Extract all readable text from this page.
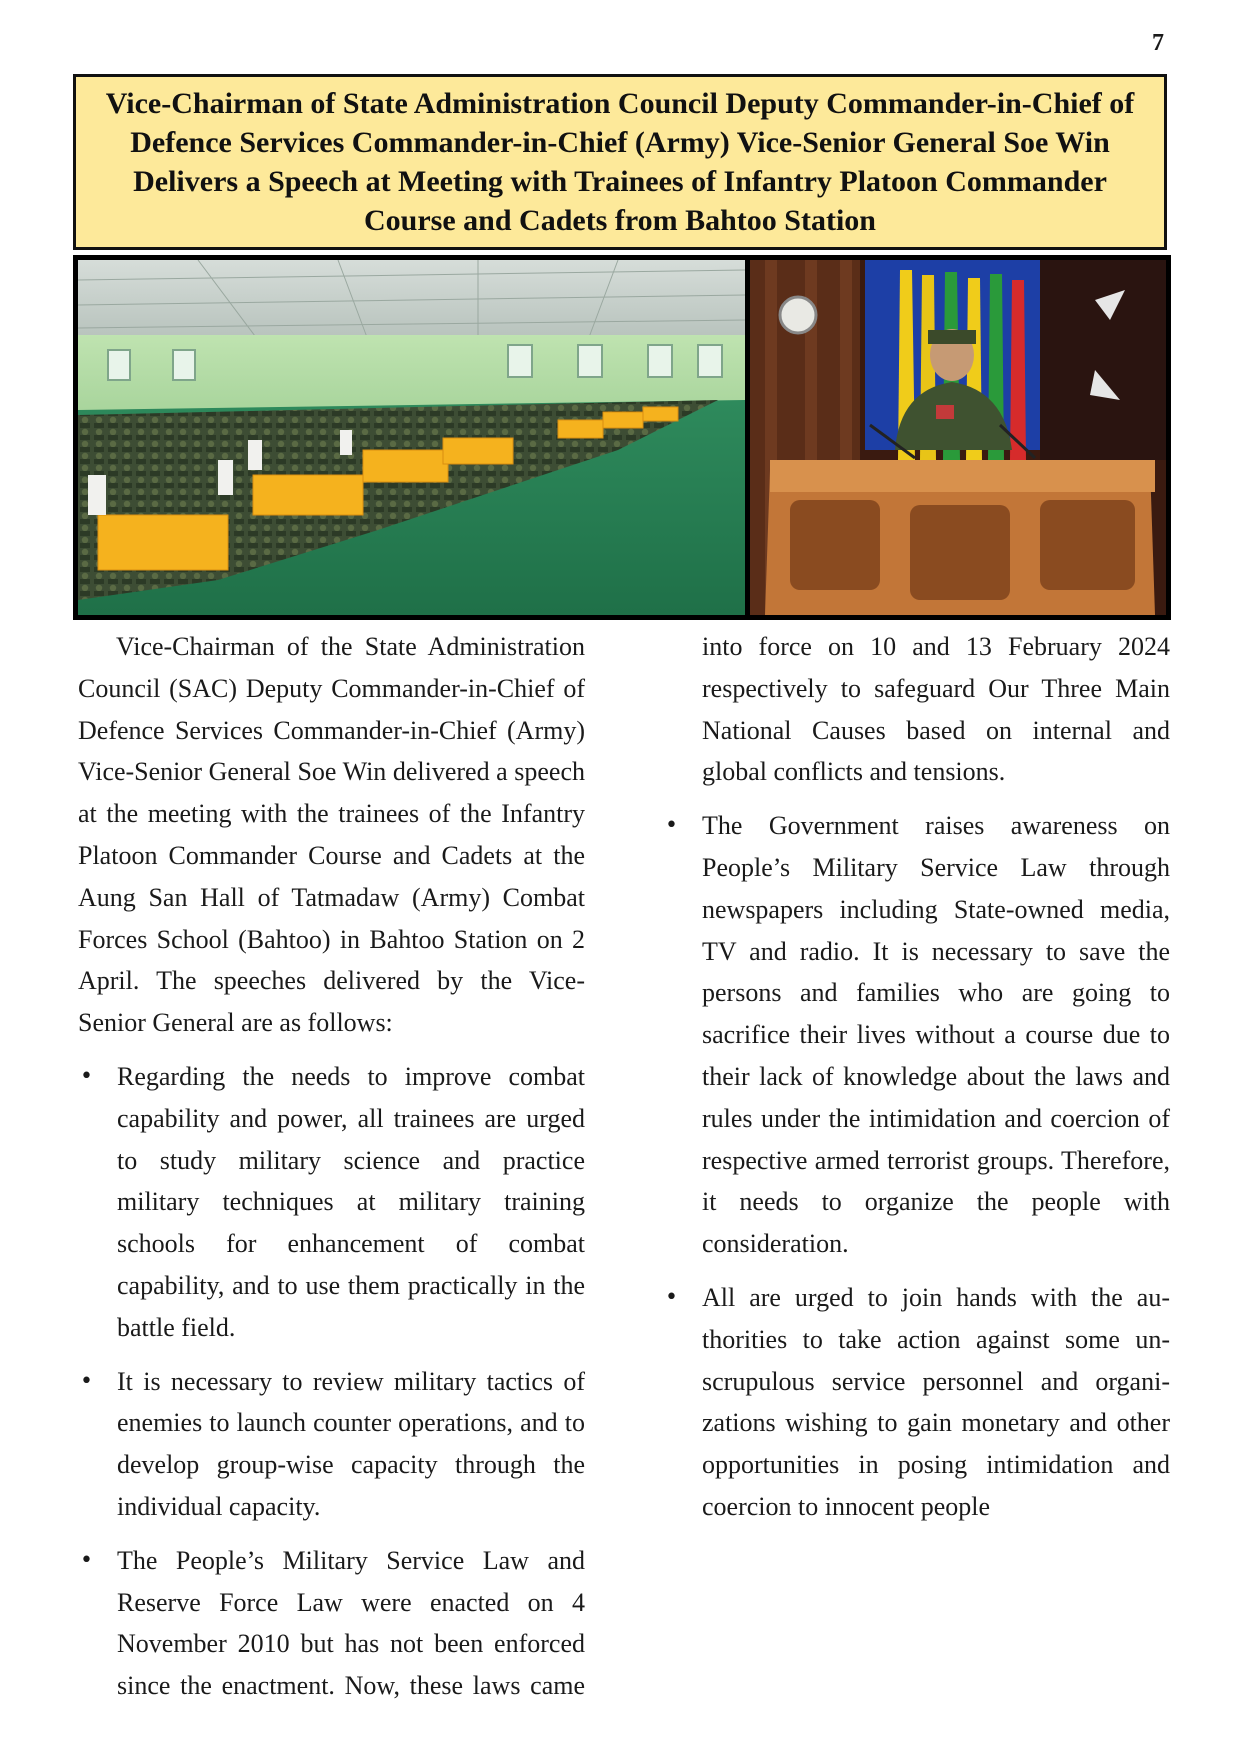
7
Vice-Chairman of State Administration Council Deputy Commander-in-Chief of Defence Services Commander-in-Chief (Army) Vice-Senior General Soe Win Delivers a Speech at Meeting with Trainees of Infantry Platoon Commander Course and Cadets from Bahtoo Station

Vice-Chairman of the State Administration Council (SAC) Deputy Commander-in-Chief of Defence Services Commander-in-Chief (Army) Vice-Senior General Soe Win delivered a speech at the meeting with the trainees of the Infantry Platoon Commander Course and Cadets at the Aung San Hall of Tatmadaw (Army) Combat Forces School (Bahtoo) in Bahtoo Station on 2 April. The speeches delivered by the Vice-Senior General are as follows:

• Regarding the needs to improve combat capability and power, all trainees are urged to study military science and practice military techniques at military training schools for enhancement of combat capability, and to use them practically in the battle field.
• It is necessary to review military tactics of enemies to launch counter operations, and to develop group-wise capacity through the individual capacity.
• The People’s Military Service Law and Reserve Force Law were enacted on 4 November 2010 but has not been enforced since the enactment. Now, these laws came into force on 10 and 13 February 2024 respectively to safeguard Our Three Main National Causes based on internal and global conflicts and tensions.
• The Government raises awareness on People’s Military Service Law through newspapers including State-owned media, TV and radio. It is necessary to save the persons and families who are going to sacrifice their lives without a course due to their lack of knowledge about the laws and rules under the intimidation and coercion of respective armed terrorist groups. Therefore, it needs to organize the people with consideration.
• All are urged to join hands with the authorities to take action against some unscrupulous service personnel and organizations wishing to gain monetary and other opportunities in posing intimidation and coercion to innocent people
